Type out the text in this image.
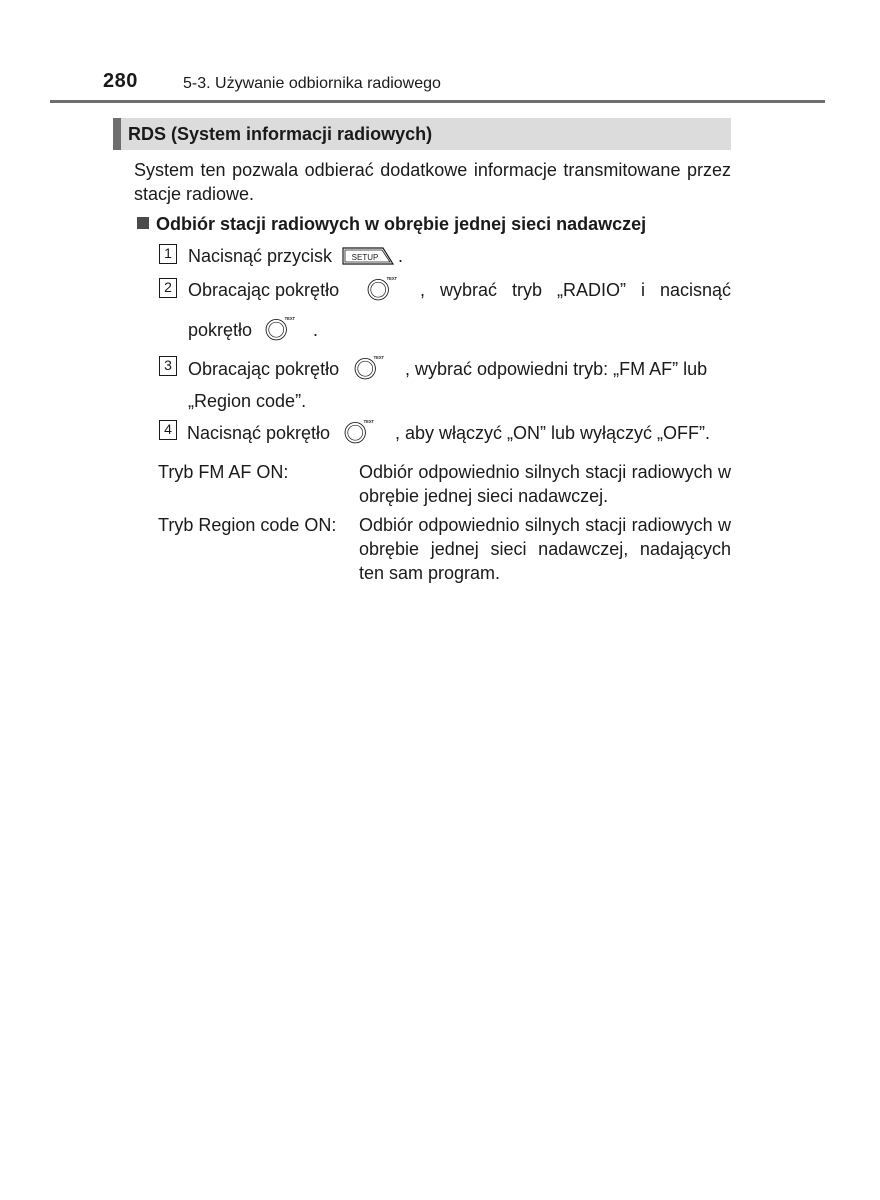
280	5-3. Używanie odbiornika radiowego
RDS (System informacji radiowych)
System ten pozwala odbierać dodatkowe informacje transmitowane przez stacje radiowe.
Odbiór stacji radiowych w obrębie jednej sieci nadawczej
1 Nacisnąć przycisk SETUP .
2 Obracając pokrętło
TEXT
, wybrać tryb „RADIO” i nacisnąć
pokrętło
TEXT
.
3 Obracając pokrętło
TEXT
, wybrać odpowiedni tryb: „FM AF” lub
„Region code”.
4 Nacisnąć pokrętło
TEXT
, aby włączyć „ON” lub wyłączyć „OFF”.
Tryb FM AF ON:	Odbiór odpowiednio silnych stacji radiowych w obrębie jednej sieci nadawczej.
Tryb Region code ON: Odbiór odpowiednio silnych stacji radiowych w obrębie jednej sieci nadawczej, nadających ten sam program.
